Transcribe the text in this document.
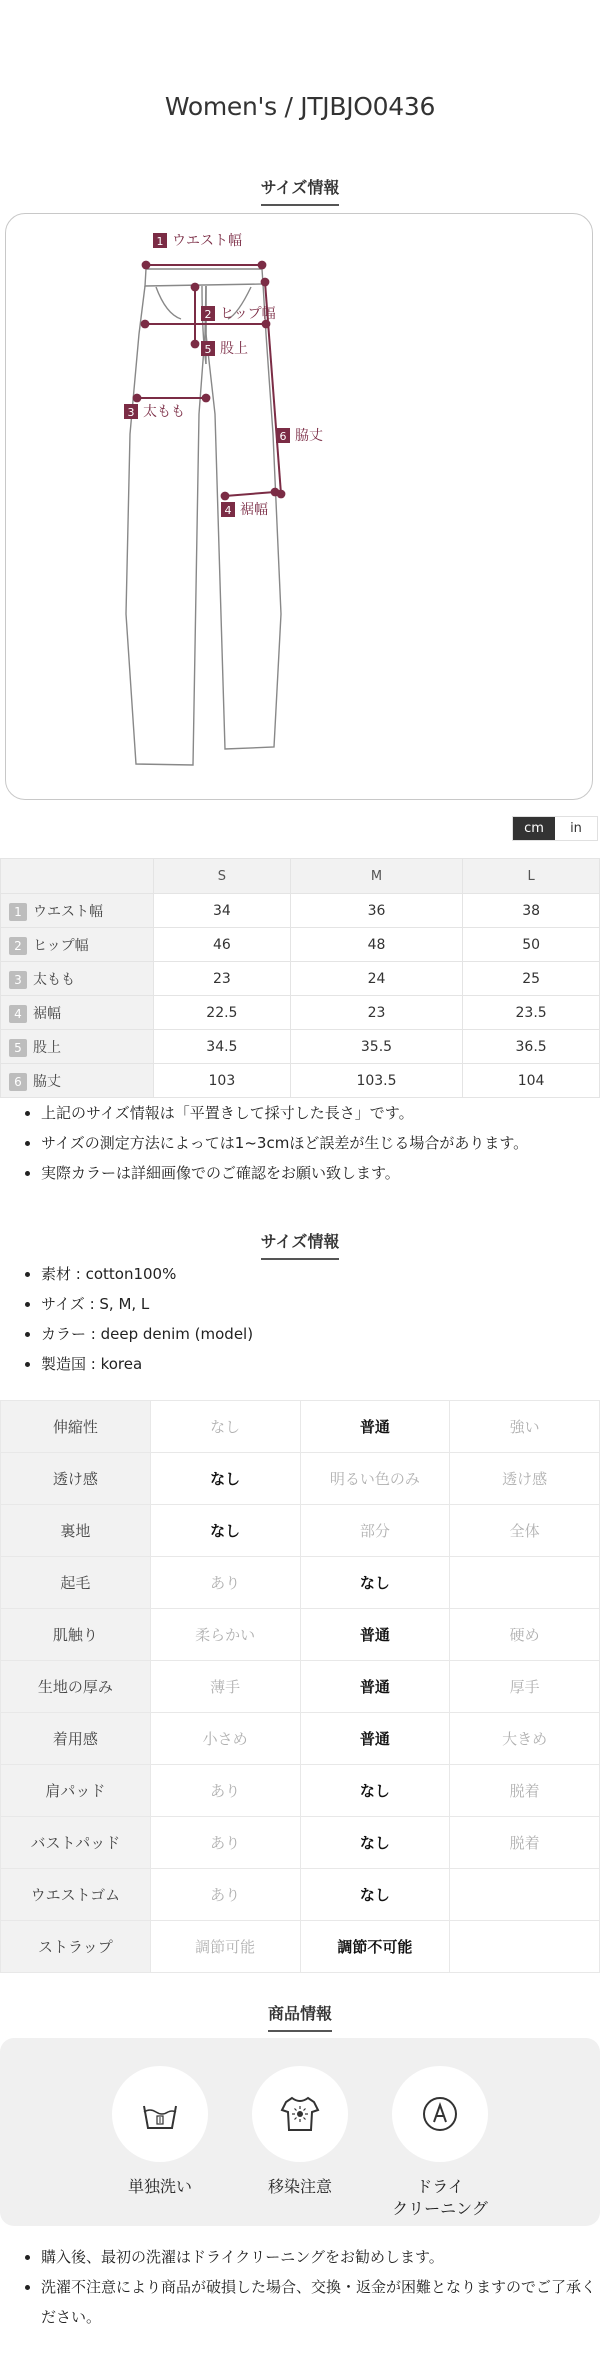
Women's / JTJBJO0436
サイズ情報
1 ウエスト幅
2 ヒップ幅
5 股上
3 太もも
6 脇丈
4 裾幅
cm	in
	S	M	L
1 ウエスト幅	34	36	38
2 ヒップ幅	46	48	50
3 太もも	23	24	25
4 裾幅	22.5	23	23.5
5 股上	34.5	35.5	36.5
6 脇丈	103	103.5	104
• 上記のサイズ情報は「平置きして採寸した長さ」です。
• サイズの測定方法によっては1~3cmほど誤差が生じる場合があります。
• 実際カラーは詳細画像でのご確認をお願い致します。
サイズ情報
• 素材 : cotton100%
• サイズ : S, M, L
• カラー : deep denim (model)
• 製造国 : korea
伸縮性	なし	普通	強い
透け感	なし	明るい色のみ	透け感
裏地	なし	部分	全体
起毛	あり	なし	
肌触り	柔らかい	普通	硬め
生地の厚み	薄手	普通	厚手
着用感	小さめ	普通	大きめ
肩パッド	あり	なし	脱着
バストパッド	あり	なし	脱着
ウエストゴム	あり	なし	
ストラップ	調節可能	調節不可能	
商品情報
単独洗い	移染注意	ドライ
クリーニング
• 購入後、最初の洗濯はドライクリーニングをお勧めします。
• 洗濯不注意により商品が破損した場合、交換・返金が困難となりますのでご了承ください。
